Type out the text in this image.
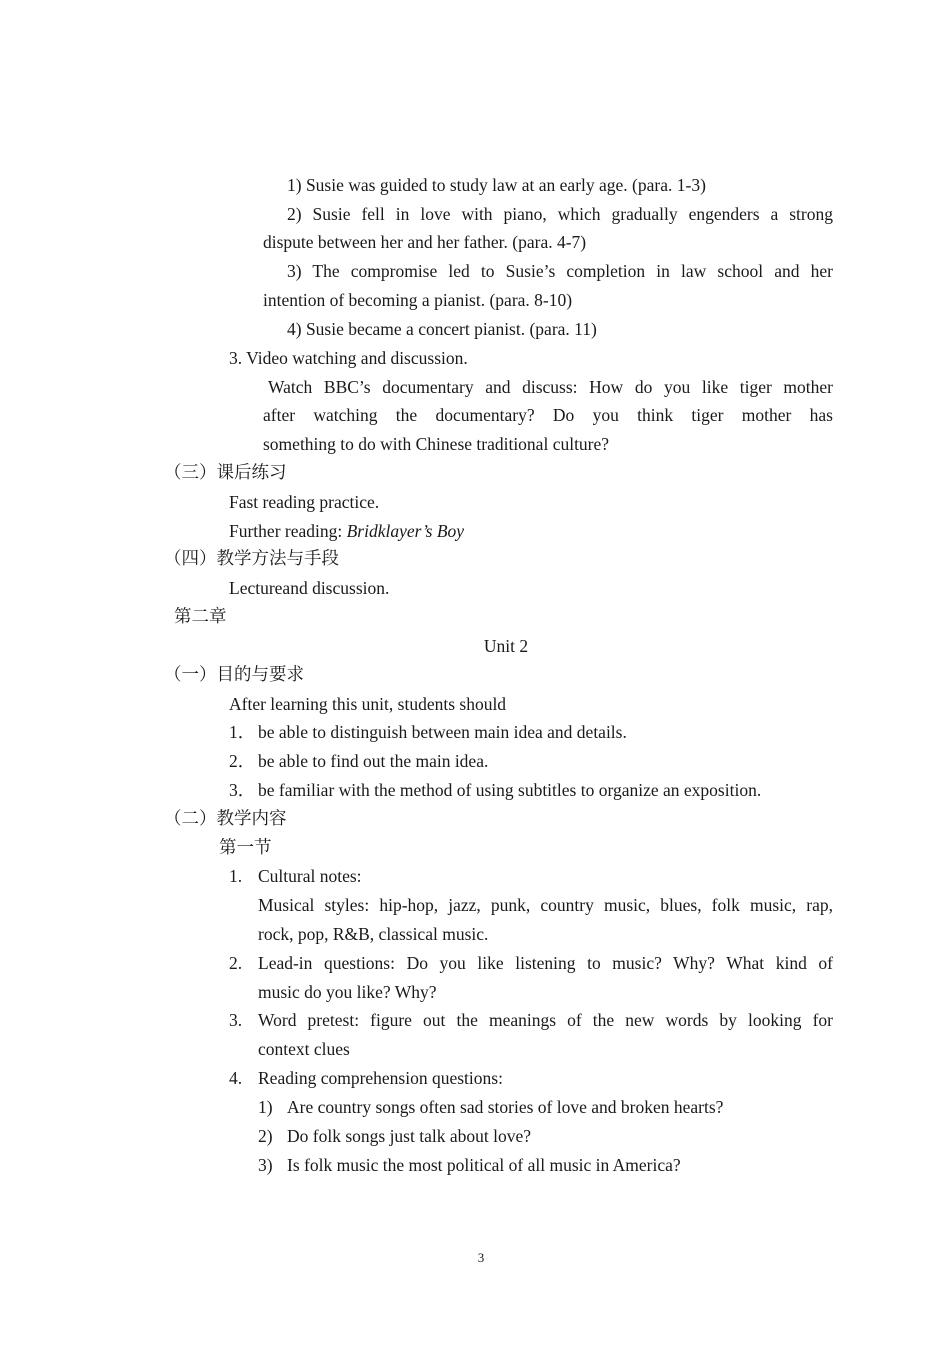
1) Susie was guided to study law at an early age. (para. 1-3)
2) Susie fell in love with piano, which gradually engenders a strong
dispute between her and her father. (para. 4-7)
3) The compromise led to Susie’s completion in law school and her
intention of becoming a pianist. (para. 8-10)
4) Susie became a concert pianist. (para. 11)
3. Video watching and discussion.
Watch BBC’s documentary and discuss: How do you like tiger mother
after watching the documentary? Do you think tiger mother has
something to do with Chinese traditional culture?
（三）课后练习
Fast reading practice.
Further reading: Bridklayer’s Boy
（四）教学方法与手段
Lectureand discussion.
第二章
Unit 2
（一）目的与要求
After learning this unit, students should
1． be able to distinguish between main idea and details.
2． be able to find out the main idea.
3． be familiar with the method of using subtitles to organize an exposition.
（二）教学内容
第一节
1. Cultural notes:
Musical styles: hip-hop, jazz, punk, country music, blues, folk music, rap,
rock, pop, R&B, classical music.
2. Lead-in questions: Do you like listening to music? Why? What kind of
music do you like? Why?
3. Word pretest: figure out the meanings of the new words by looking for
context clues
4. Reading comprehension questions:
1) Are country songs often sad stories of love and broken hearts?
2) Do folk songs just talk about love?
3) Is folk music the most political of all music in America?
3
